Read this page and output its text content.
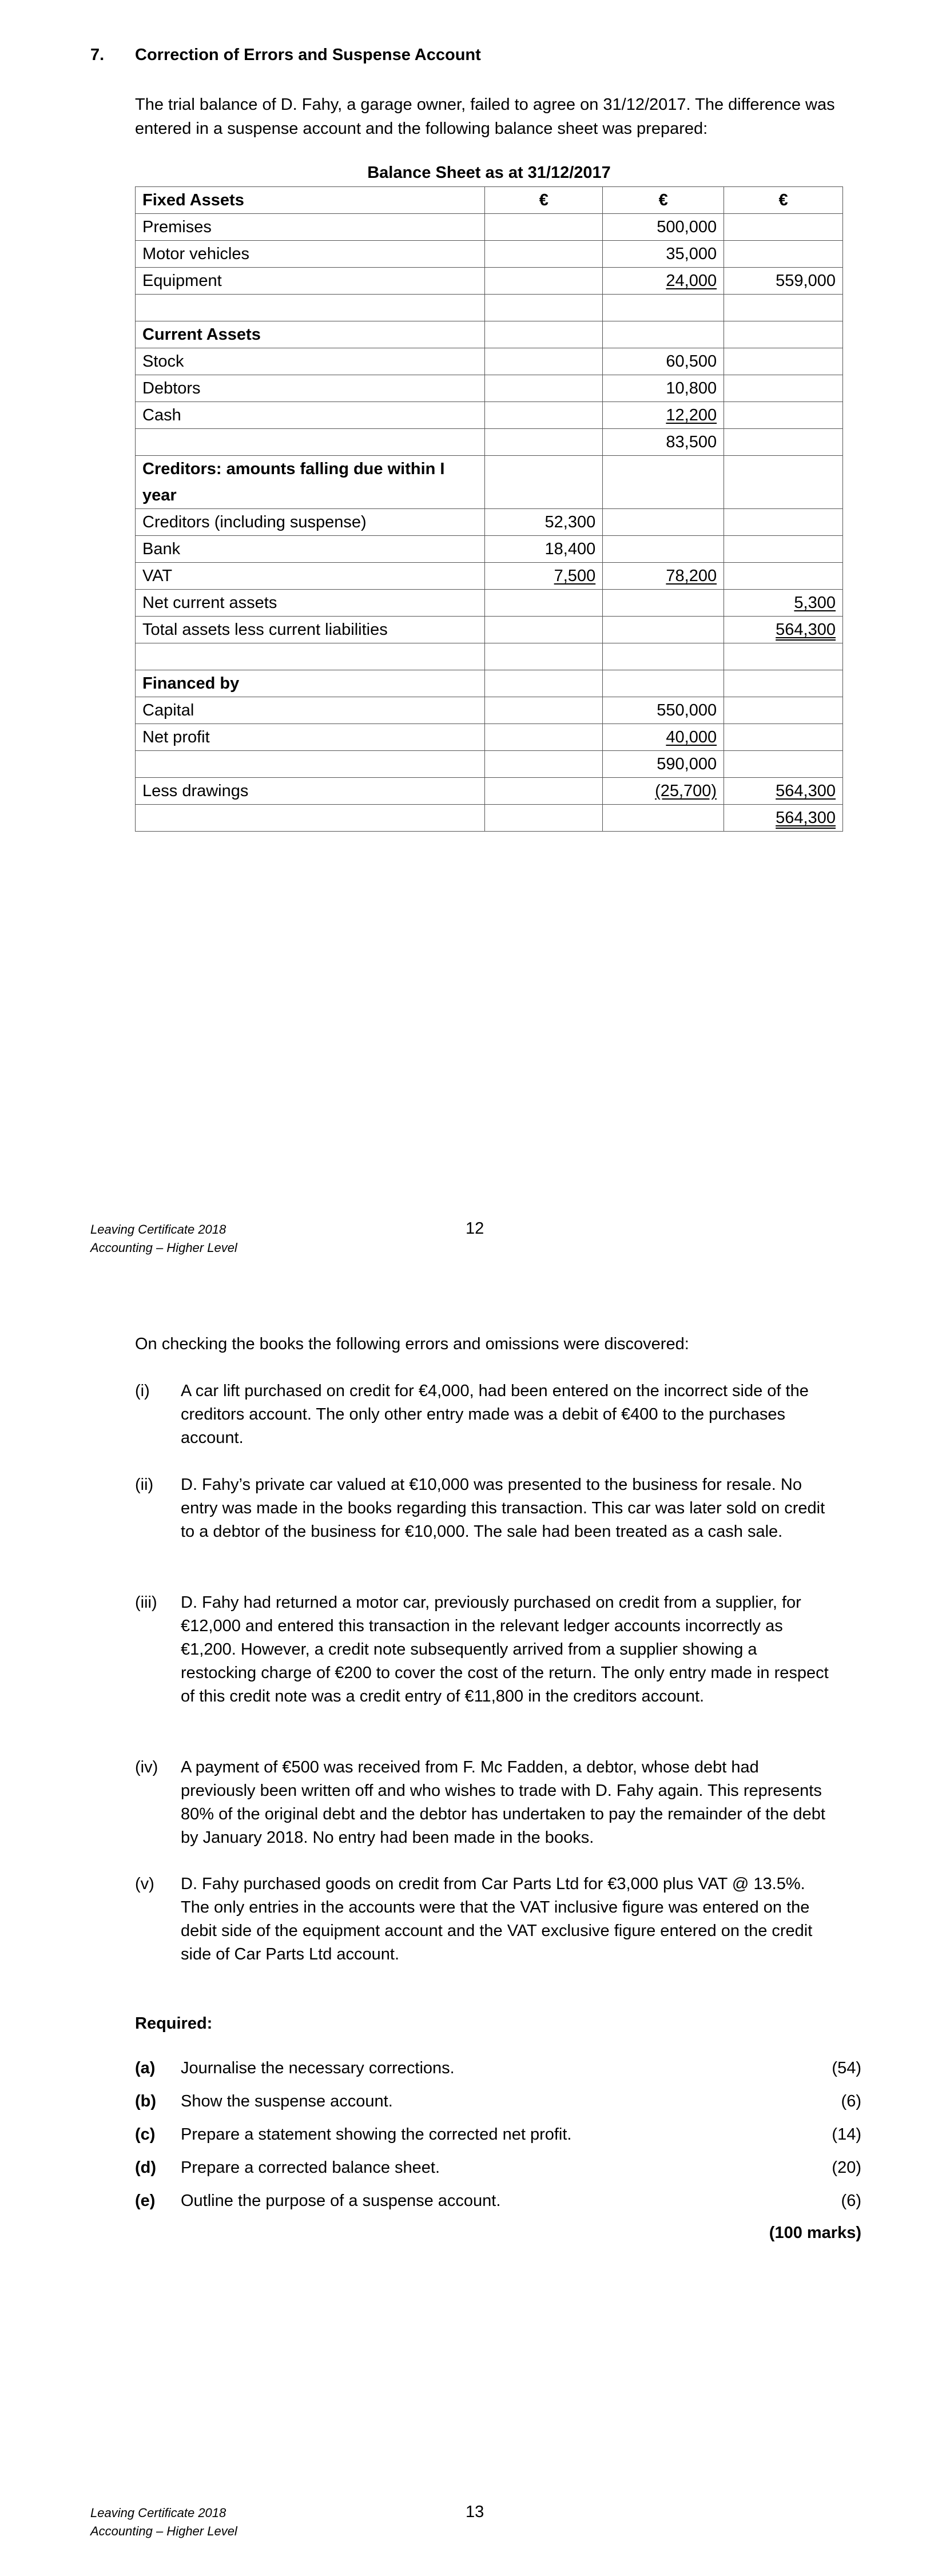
7. Correction of Errors and Suspense Account
The trial balance of D. Fahy, a garage owner, failed to agree on 31/12/2017. The difference was entered in a suspense account and the following balance sheet was prepared:
Balance Sheet as at 31/12/2017
Fixed Assets	€	€	€
Premises		500,000	
Motor vehicles		35,000	
Equipment		24,000	559,000

Current Assets			
Stock		60,500	
Debtors		10,800	
Cash		12,200	
		83,500	
Creditors: amounts falling due within I year			
Creditors (including suspense)	52,300		
Bank	18,400		
VAT	7,500	78,200	
Net current assets			5,300
Total assets less current liabilities			564,300

Financed by			
Capital		550,000	
Net profit		40,000	
		590,000	
Less drawings		(25,700)	564,300
			564,300
Leaving Certificate 2018
Accounting – Higher Level
12
On checking the books the following errors and omissions were discovered:
(i) A car lift purchased on credit for €4,000, had been entered on the incorrect side of the creditors account. The only other entry made was a debit of €400 to the purchases account.
(ii) D. Fahy’s private car valued at €10,000 was presented to the business for resale. No entry was made in the books regarding this transaction. This car was later sold on credit to a debtor of the business for €10,000. The sale had been treated as a cash sale.
(iii) D. Fahy had returned a motor car, previously purchased on credit from a supplier, for €12,000 and entered this transaction in the relevant ledger accounts incorrectly as €1,200. However, a credit note subsequently arrived from a supplier showing a restocking charge of €200 to cover the cost of the return. The only entry made in respect of this credit note was a credit entry of €11,800 in the creditors account.
(iv) A payment of €500 was received from F. Mc Fadden, a debtor, whose debt had previously been written off and who wishes to trade with D. Fahy again. This represents 80% of the original debt and the debtor has undertaken to pay the remainder of the debt by January 2018. No entry had been made in the books.
(v) D. Fahy purchased goods on credit from Car Parts Ltd for €3,000 plus VAT @ 13.5%. The only entries in the accounts were that the VAT inclusive figure was entered on the debit side of the equipment account and the VAT exclusive figure entered on the credit side of Car Parts Ltd account.
Required:
(a) Journalise the necessary corrections.	(54)
(b) Show the suspense account.	(6)
(c) Prepare a statement showing the corrected net profit.	(14)
(d) Prepare a corrected balance sheet.	(20)
(e) Outline the purpose of a suspense account.	(6)
(100 marks)
Leaving Certificate 2018
Accounting – Higher Level
13
